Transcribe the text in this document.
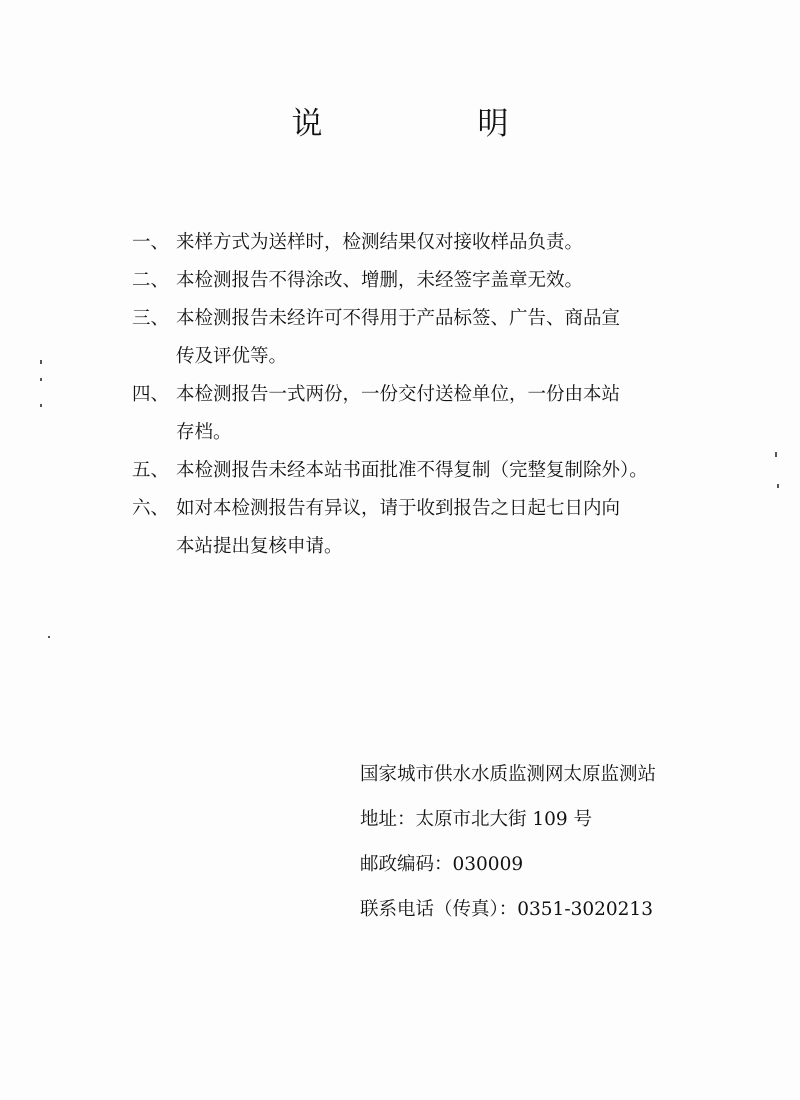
说　明
一、 来样方式为送样时，检测结果仅对接收样品负责。
二、 本检测报告不得涂改、增删，未经签字盖章无效。
三、 本检测报告未经许可不得用于产品标签、广告、商品宣
传及评优等。
四、 本检测报告一式两份，一份交付送检单位，一份由本站
存档。
五、 本检测报告未经本站书面批准不得复制（完整复制除外）。
六、 如对本检测报告有异议，请于收到报告之日起七日内向
本站提出复核申请。
国家城市供水水质监测网太原监测站
地址：太原市北大街 109 号
邮政编码：030009
联系电话（传真）：0351-3020213
